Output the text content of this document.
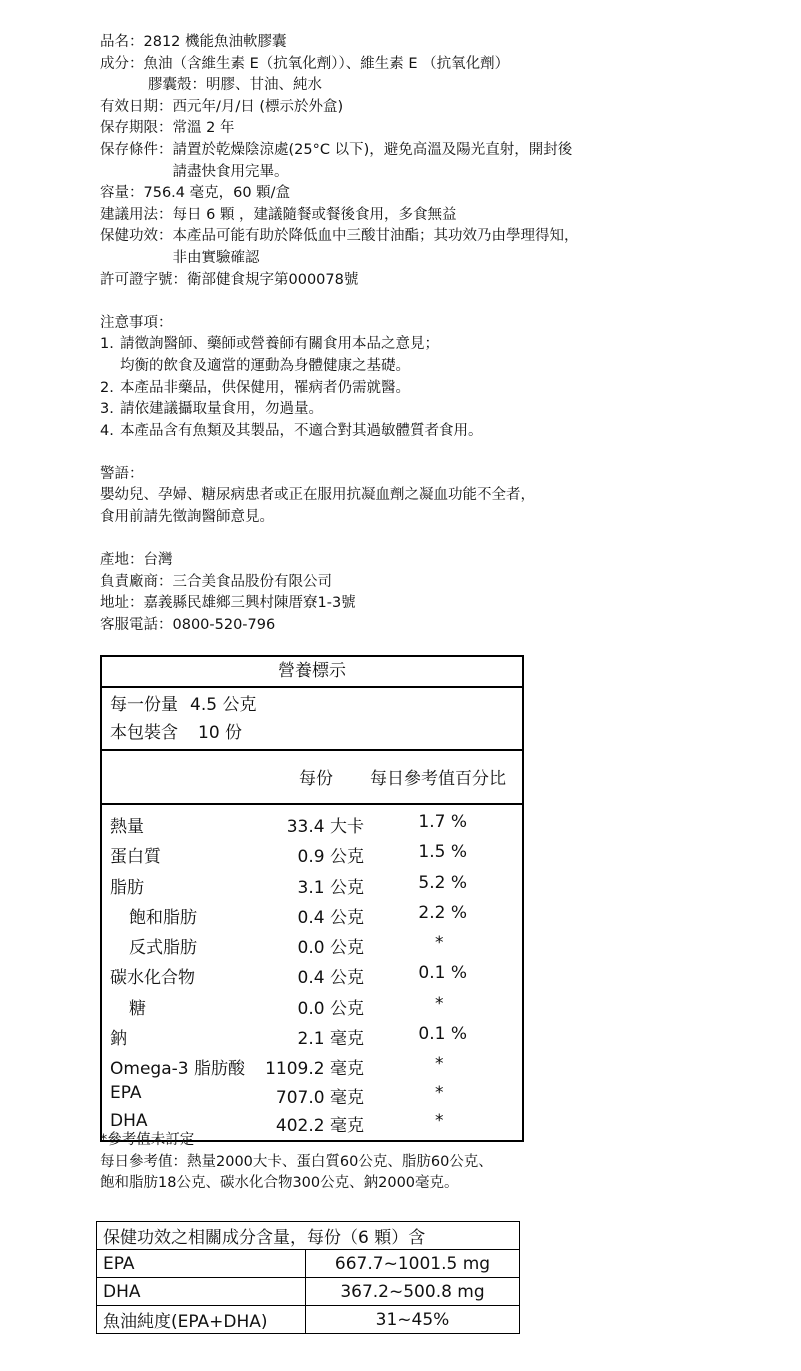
品名：2812 機能魚油軟膠囊
成分： 魚油（含維生素 E（抗氧化劑））、維生素 E （抗氧化劑）
膠囊殼：明膠、甘油、純水
有效日期：西元年/月/日 (標示於外盒)
保存期限：常溫 2 年
保存條件： 請置於乾燥陰涼處(25°C 以下)，避免高溫及陽光直射，開封後請盡快食用完畢。
容量：756.4 毫克，60 顆/盒
建議用法：每日 6 顆 ，建議隨餐或餐後食用，多食無益
保健功效： 本產品可能有助於降低血中三酸甘油酯；其功效乃由學理得知，非由實驗確認
許可證字號：衛部健食規字第000078號
注意事項：
1. 請徵詢醫師、藥師或營養師有關食用本品之意見；
均衡的飲食及適當的運動為身體健康之基礎。
2. 本產品非藥品，供保健用，罹病者仍需就醫。
3. 請依建議攝取量食用，勿過量。
4. 本產品含有魚類及其製品，不適合對其過敏體質者食用。
警語：
嬰幼兒、孕婦、糖尿病患者或正在服用抗凝血劑之凝血功能不全者，
食用前請先徵詢醫師意見。
產地：台灣
負責廠商：三合美食品股份有限公司
地址：嘉義縣民雄鄉三興村陳厝寮1-3號
客服電話：0800-520-796
營養標示
每一份量 4.5 公克
本包裝含 10 份
每份 每日參考值百分比
熱量	33.4 大卡	1.7 %
蛋白質	0.9 公克	1.5 %
脂肪	3.1 公克	5.2 %
飽和脂肪	0.4 公克	2.2 %
反式脂肪	0.0 公克	*
碳水化合物	0.4 公克	0.1 %
糖	0.0 公克	*
鈉	2.1 毫克	0.1 %
Omega-3 脂肪酸 1109.2 毫克	*
EPA	707.0 毫克	*
DHA	402.2 毫克	*
*參考值未訂定
每日參考值：熱量2000大卡、蛋白質60公克、脂肪60公克、
飽和脂肪18公克、碳水化合物300公克、鈉2000毫克。
保健功效之相關成分含量，每份（6 顆）含	
EPA	667.7~1001.5 mg
DHA	367.2~500.8 mg
魚油純度(EPA+DHA)	31~45%
